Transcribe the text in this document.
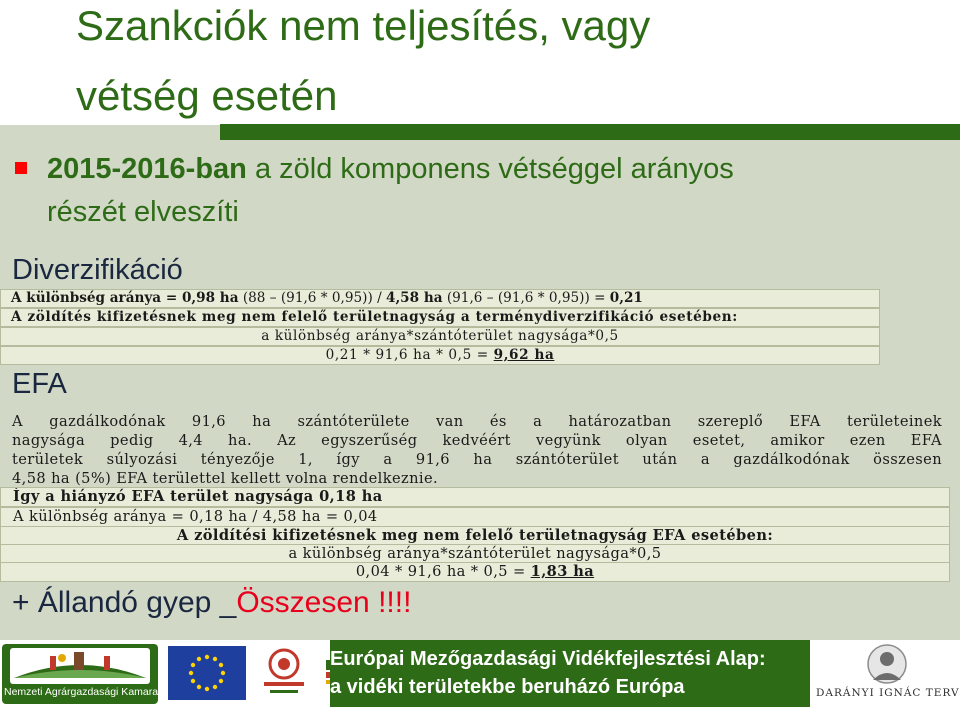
Szankciók nem teljesítés, vagy
vétség esetén
2015-2016-ban a zöld komponens vétséggel arányos
részét elveszíti
Diverzifikáció
A különbség aránya = 0,98 ha (88 – (91,6 * 0,95)) / 4,58 ha (91,6 – (91,6 * 0,95)) = 0,21
A zöldítés kifizetésnek meg nem felelő területnagyság a terménydiverzifikáció esetében:
a különbség aránya*szántóterület nagysága*0,5
0,21 * 91,6 ha * 0,5 = 9,62 ha
EFA
A gazdálkodónak 91,6 ha szántóterülete van és a határozatban szereplő EFA területeinek
nagysága pedig 4,4 ha. Az egyszerűség kedvéért vegyünk olyan esetet, amikor ezen EFA
területek súlyozási tényezője 1, így a 91,6 ha szántóterület után a gazdálkodónak összesen
4,58 ha (5%) EFA területtel kellett volna rendelkeznie.
Így a hiányzó EFA terület nagysága 0,18 ha
A különbség aránya = 0,18 ha / 4,58 ha = 0,04
A zöldítési kifizetésnek meg nem felelő területnagyság EFA esetében:
a különbség aránya*szántóterület nagysága*0,5
0,04 * 91,6 ha * 0,5 = 1,83 ha
+ Állandó gyep _Összesen !!!!
Nemzeti Agrárgazdasági Kamara
Európai Mezőgazdasági Vidékfejlesztési Alap:
a vidéki területekbe beruházó Európa	DARÁNYI IGNÁC TERV
